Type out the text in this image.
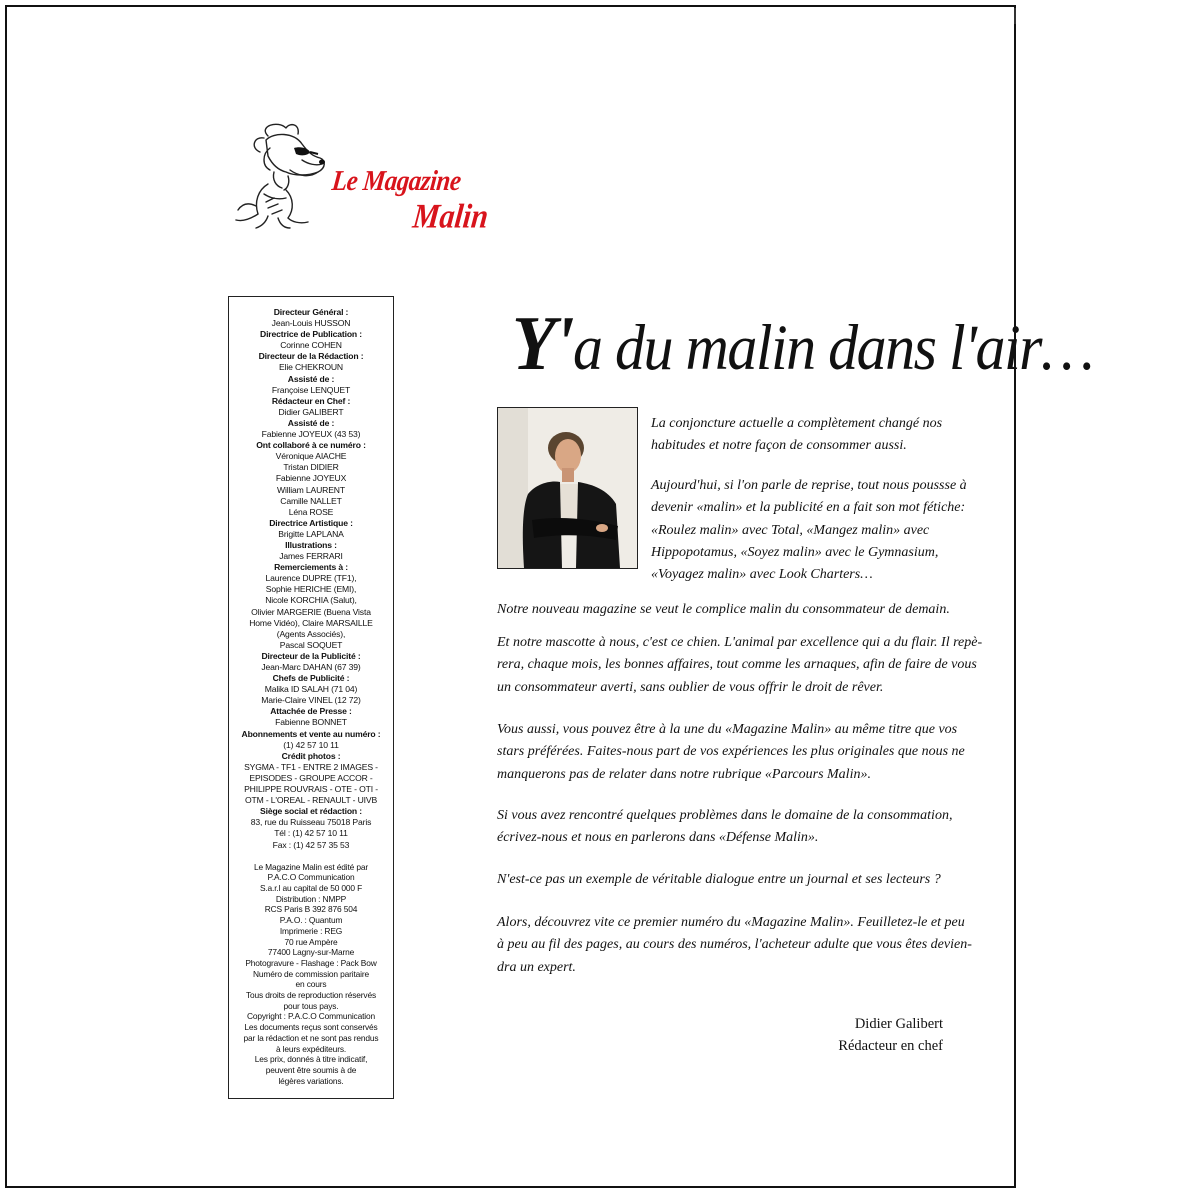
Le Magazine
Malin
Directeur Général :
Jean-Louis HUSSON
Directrice de Publication :
Corinne COHEN
Directeur de la Rédaction :
Elie CHEKROUN
Assisté de :
Françoise LENQUET
Rédacteur en Chef :
Didier GALIBERT
Assisté de :
Fabienne JOYEUX (43 53)
Ont collaboré à ce numéro :
Véronique AIACHE
Tristan DIDIER
Fabienne JOYEUX
William LAURENT
Camille NALLET
Léna ROSE
Directrice Artistique :
Brigitte LAPLANA
Illustrations :
James FERRARI
Remerciements à :
Laurence DUPRE (TF1),
Sophie HERICHE (EMI),
Nicole KORCHIA (Salut),
Olivier MARGERIE (Buena Vista
Home Vidéo), Claire MARSAILLE
(Agents Associés),
Pascal SOQUET
Directeur de la Publicité :
Jean-Marc DAHAN (67 39)
Chefs de Publicité :
Malika ID SALAH (71 04)
Marie-Claire VINEL (12 72)
Attachée de Presse :
Fabienne BONNET
Abonnements et vente au numéro :
(1) 42 57 10 11
Crédit photos :
SYGMA - TF1 - ENTRE 2 IMAGES -
EPISODES - GROUPE ACCOR -
PHILIPPE ROUVRAIS - OTE - OTI -
OTM - L'OREAL - RENAULT - UIVB
Siège social et rédaction :
83, rue du Ruisseau 75018 Paris
Tél : (1) 42 57 10 11
Fax : (1) 42 57 35 53
Le Magazine Malin est édité par
P.A.C.O Communication
S.a.r.l au capital de 50 000 F
Distribution : NMPP
RCS Paris B 392 876 504
P.A.O. : Quantum
Imprimerie : REG
70 rue Ampère
77400 Lagny-sur-Marne
Photogravure - Flashage : Pack Bow
Numéro de commission paritaire
en cours
Tous droits de reproduction réservés
pour tous pays.
Copyright : P.A.C.O Communication
Les documents reçus sont conservés
par la rédaction et ne sont pas rendus
à leurs expéditeurs.
Les prix, donnés à titre indicatif,
peuvent être soumis à de
légères variations.
Y'a du malin dans l'air…
La conjoncture actuelle a complètement changé nos
habitudes et notre façon de consommer aussi.
Aujourd'hui, si l'on parle de reprise, tout nous poussse à
devenir «malin» et la publicité en a fait son mot fétiche:
«Roulez malin» avec Total, «Mangez malin» avec
Hippopotamus, «Soyez malin» avec le Gymnasium,
«Voyagez malin» avec Look Charters…
Notre nouveau magazine se veut le complice malin du consommateur de demain.
Et notre mascotte à nous, c'est ce chien. L'animal par excellence qui a du flair. Il repè-
rera, chaque mois, les bonnes affaires, tout comme les arnaques, afin de faire de vous
un consommateur averti, sans oublier de vous offrir le droit de rêver.
Vous aussi, vous pouvez être à la une du «Magazine Malin» au même titre que vos
stars préférées. Faites-nous part de vos expériences les plus originales que nous ne
manquerons pas de relater dans notre rubrique «Parcours Malin».
Si vous avez rencontré quelques problèmes dans le domaine de la consommation,
écrivez-nous et nous en parlerons dans «Défense Malin».
N'est-ce pas un exemple de véritable dialogue entre un journal et ses lecteurs ?
Alors, découvrez vite ce premier numéro du «Magazine Malin». Feuilletez-le et peu
à peu au fil des pages, au cours des numéros, l'acheteur adulte que vous êtes devien-
dra un expert.
Didier Galibert
Rédacteur en chef
